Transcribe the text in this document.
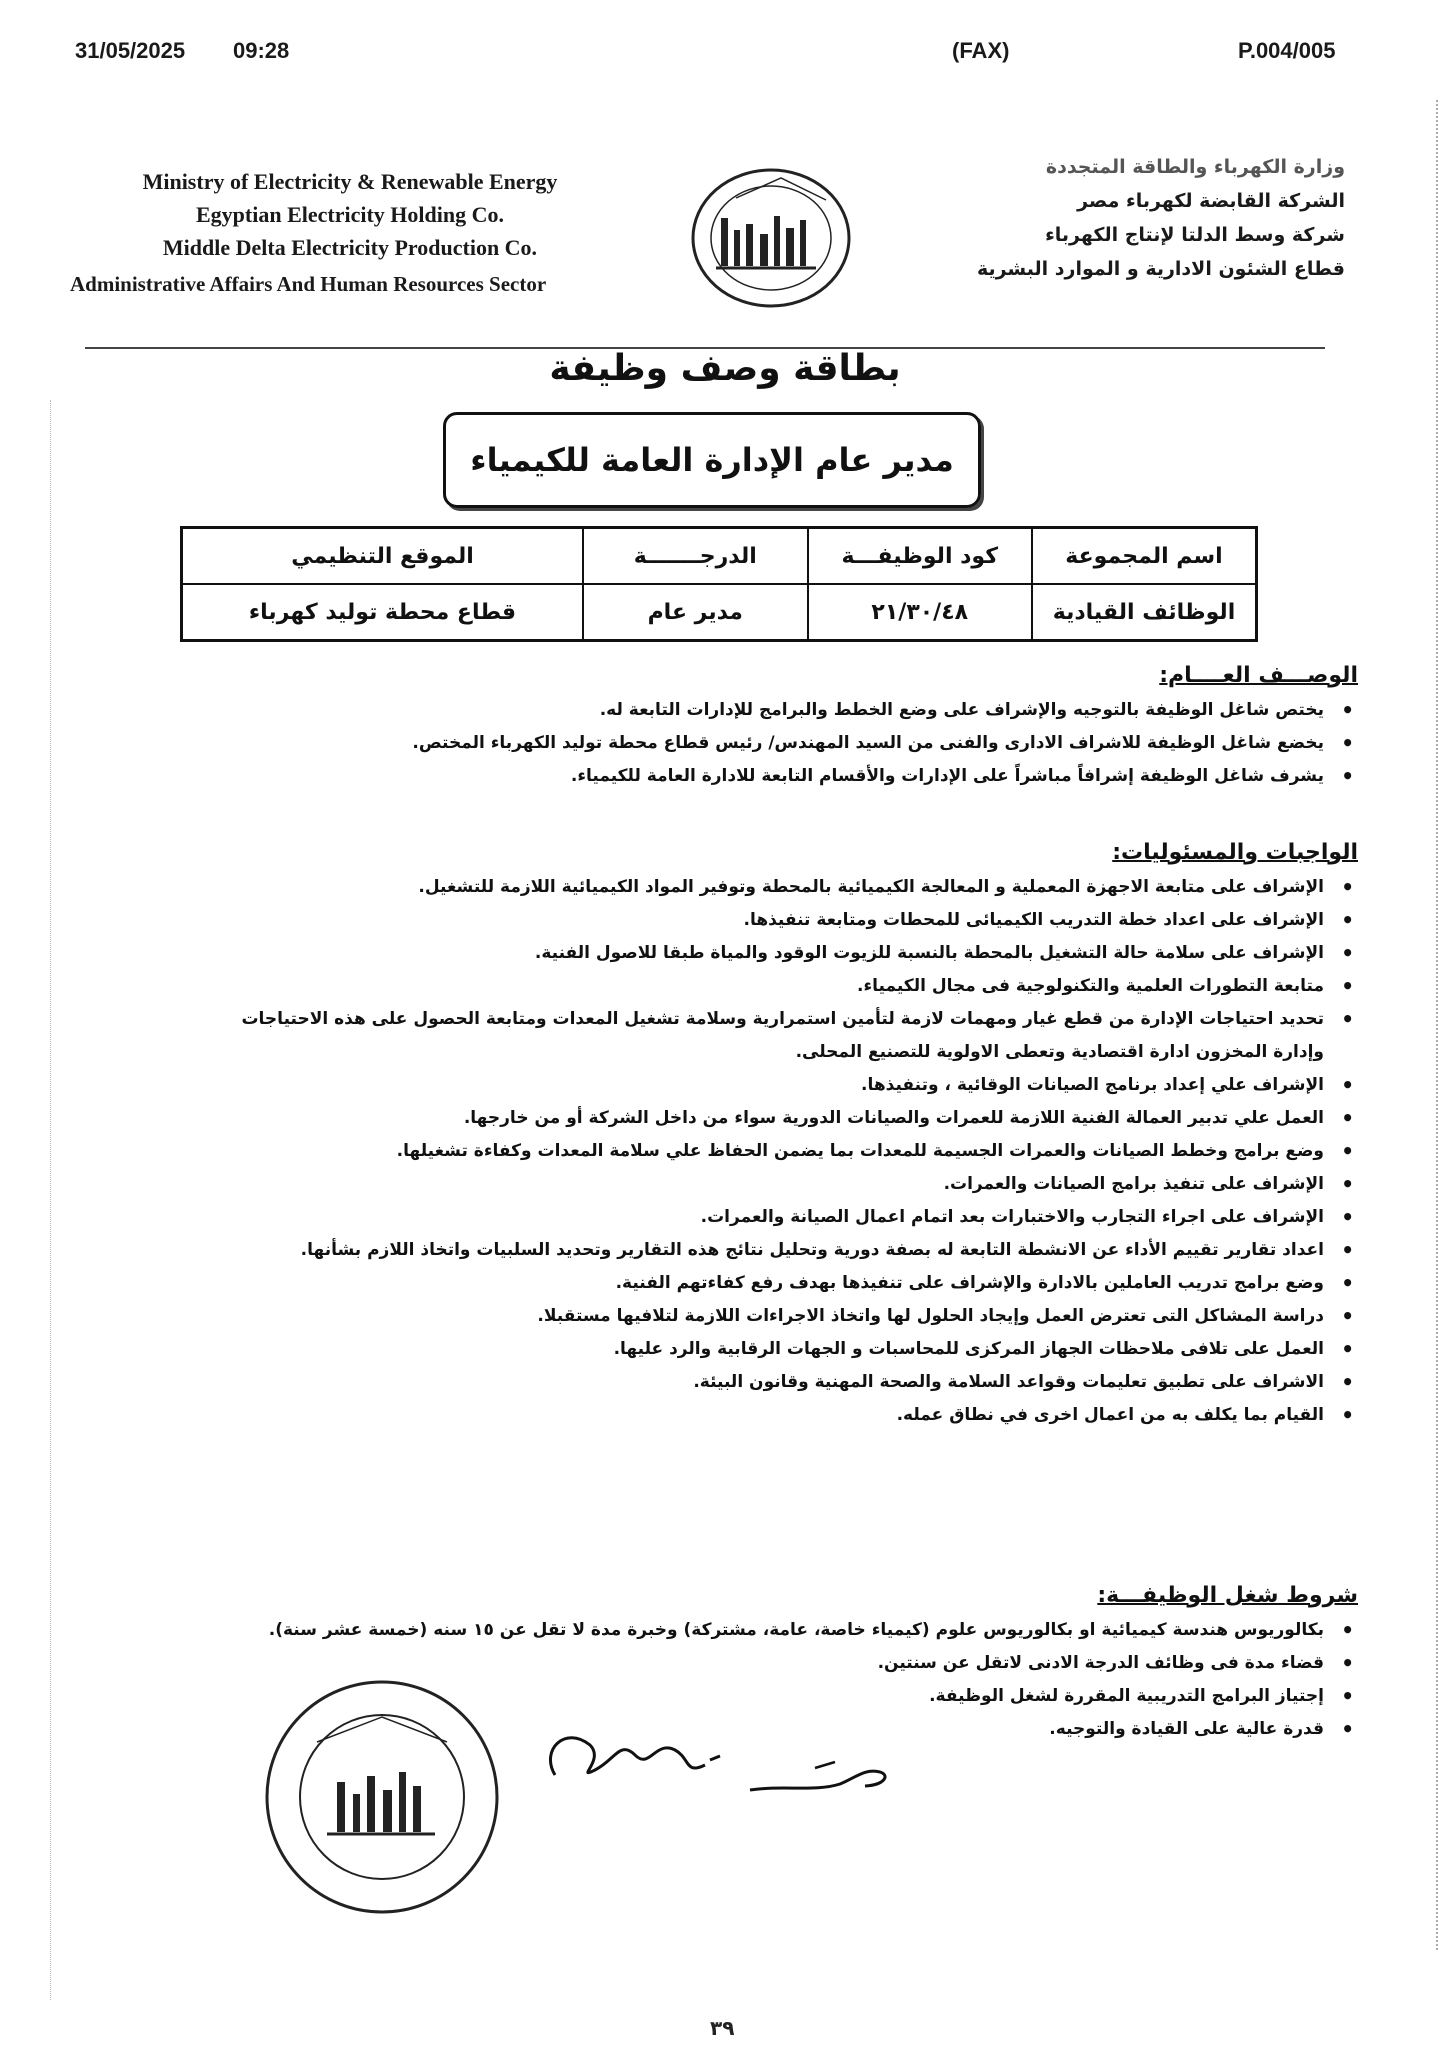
31/05/2025 09:28	(FAX)	P.004/005
Ministry of Electricity & Renewable Energy
Egyptian Electricity Holding Co.
Middle Delta Electricity Production Co.
Administrative Affairs And Human Resources Sector
وزارة الكهرباء والطاقة المتجددة
الشركة القابضة لكهرباء مصر
شركة وسط الدلتا لإنتاج الكهرباء
قطاع الشئون الادارية و الموارد البشرية
بطاقة وصف وظيفة
مدير عام الإدارة العامة للكيمياء
اسم المجموعة	كود الوظيفـــة	الدرجـــــــة	الموقع التنظيمي
الوظائف القيادية	٢١/٣٠/٤٨	مدير عام	قطاع محطة توليد كهرباء
الوصـــف العــــام:
• يختص شاغل الوظيفة بالتوجيه والإشراف على وضع الخطط والبرامج للإدارات التابعة له.
• يخضع شاغل الوظيفة للاشراف الادارى والفنى من السيد المهندس/ رئيس قطاع محطة توليد الكهرباء المختص.
• يشرف شاغل الوظيفة إشرافاً مباشراً على الإدارات والأقسام التابعة للادارة العامة للكيمياء.
الواجبات والمسئوليات:
• الإشراف على متابعة الاجهزة المعملية و المعالجة الكيميائية بالمحطة وتوفير المواد الكيميائية اللازمة للتشغيل.
• الإشراف على اعداد خطة التدريب الكيميائى للمحطات ومتابعة تنفيذها.
• الإشراف على سلامة حالة التشغيل بالمحطة بالنسبة للزيوت الوقود والمياة طبقا للاصول الفنية.
• متابعة التطورات العلمية والتكنولوجية فى مجال الكيمياء.
• تحديد احتياجات الإدارة من قطع غيار ومهمات لازمة لتأمين استمرارية وسلامة تشغيل المعدات ومتابعة الحصول على هذه الاحتياجات وإدارة المخزون ادارة اقتصادية وتعطى الاولوية للتصنيع المحلى.
• الإشراف علي إعداد برنامج الصيانات الوقائية ، وتنفيذها.
• العمل علي تدبير العمالة الفنية اللازمة للعمرات والصيانات الدورية سواء من داخل الشركة أو من خارجها.
• وضع برامج وخطط الصيانات والعمرات الجسيمة للمعدات بما يضمن الحفاظ علي سلامة المعدات وكفاءة تشغيلها.
• الإشراف على تنفيذ برامج الصيانات والعمرات.
• الإشراف على اجراء التجارب والاختبارات بعد اتمام اعمال الصيانة والعمرات.
• اعداد تقارير تقييم الأداء عن الانشطة التابعة له بصفة دورية وتحليل نتائج هذه التقارير وتحديد السلبيات واتخاذ اللازم بشأنها.
• وضع برامج تدريب العاملين بالادارة والإشراف على تنفيذها بهدف رفع كفاءتهم الفنية.
• دراسة المشاكل التى تعترض العمل وإيجاد الحلول لها واتخاذ الاجراءات اللازمة لتلافيها مستقبلا.
• العمل على تلافى ملاحظات الجهاز المركزى للمحاسبات و الجهات الرقابية والرد عليها.
• الاشراف على تطبيق تعليمات وقواعد السلامة والصحة المهنية وقانون البيئة.
• القيام بما يكلف به من اعمال اخرى في نطاق عمله.
شروط شغل الوظيفـــة:
• بكالوريوس هندسة كيميائية او بكالوريوس علوم (كيمياء خاصة، عامة، مشتركة) وخبرة مدة لا تقل عن ١٥ سنه (خمسة عشر سنة).
• قضاء مدة فى وظائف الدرجة الادنى لاتقل عن سنتين.
• إجتياز البرامج التدريبية المقررة لشغل الوظيفة.
• قدرة عالية على القيادة والتوجيه.
٣٩
